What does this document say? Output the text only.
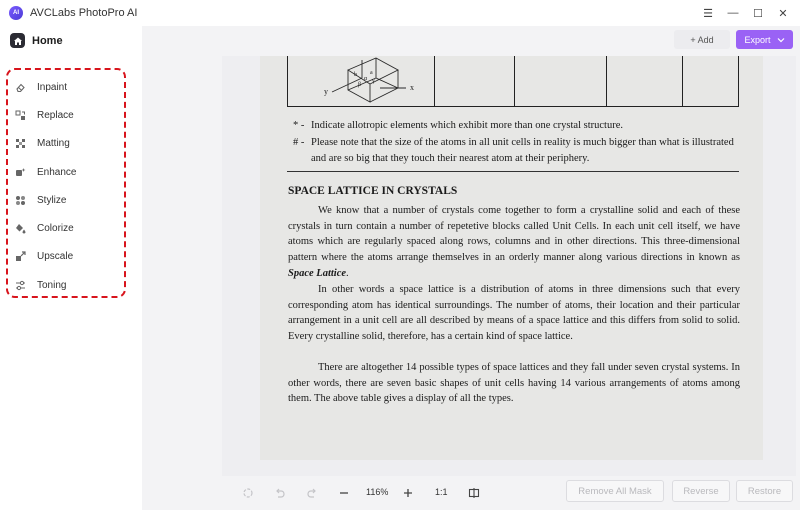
AI AVCLabs PhotoPro AI	☰	—	☐	✕
Home
Inpaint
Replace
Matting
Enhance
Stylize
Colorize
Upscale
Toning
+ Add	Export
y	x
b
α
a
β
γ
* - Indicate allotropic elements which exhibit more than one crystal structure.
# - Please note that the size of the atoms in all unit cells in reality is much bigger than what is illustrated and are so big that they touch their nearest atom at their periphery.
SPACE LATTICE IN CRYSTALS
We know that a number of crystals come together to form a crystalline solid and each of these crystals in turn contain a number of repetetive blocks called Unit Cells. In each unit cell itself, we have atoms which are regularly spaced along rows, columns and in other directions. This three-dimensional pattern where the atoms arrange themselves in an orderly manner along various directions in known as Space Lattice.
In other words a space lattice is a distribution of atoms in three dimensions such that every corresponding atom has identical surroundings. The number of atoms, their location and their particular arrangement in a unit cell are all described by means of a space lattice and this differs from solid to solid. Every crystalline solid, therefore, has a certain kind of space lattice.
There are altogether 14 possible types of space lattices and they fall under seven crystal systems. In other words, there are seven basic shapes of unit cells having 14 various arrangements of atoms among them. The above table gives a display of all the types.
116%	1:1	Remove All Mask	Reverse	Restore
